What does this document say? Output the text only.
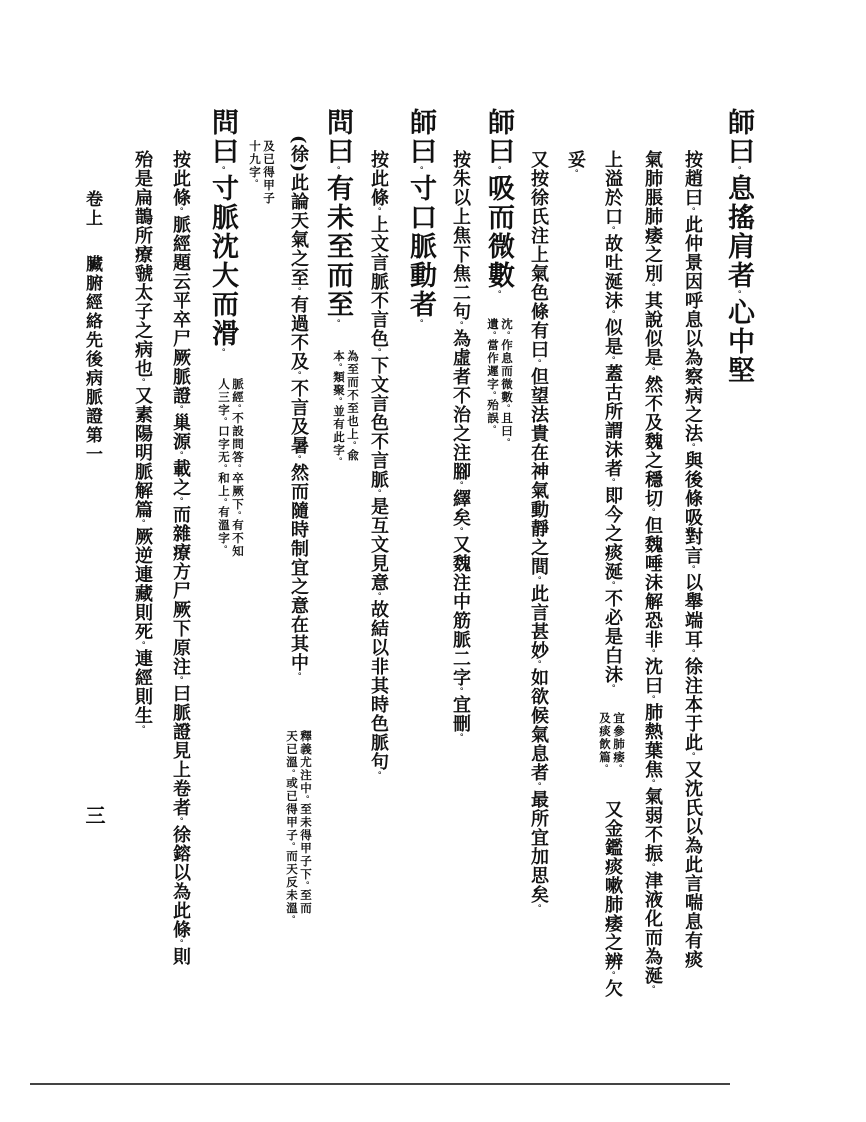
師曰。息搖肩者。心中堅
按趙曰。此仲景因呼息以為察病之法。與後條吸對言。以舉端耳。徐注本于此。又沈氏以為此言喘息有痰
氣肺脹肺痿之別。其說似是。然不及魏之穩切。但魏唾沫解恐非。沈曰。肺熱葉焦。氣弱不振。津液化而為涎。
上溢於口。故吐涎沫。似是。蓋古所謂沫者。即今之痰涎。不必是白沫。
宜參肺痿。
及痰飲篇。
又金鑑痰嗽肺痿之辨。欠
妥。
又按徐氏注上氣色條有曰。但望法貴在神氣動靜之間。此言甚妙。如欲候氣息者。最所宜加思矣。
師曰。吸而微數。
沈。作息而微數。且曰。
遺。當作遲字。殆誤。
按朱以上焦下焦二句。為虛者不治之注腳。繹矣。又魏注中筋脈二字。宜刪。
師曰。寸口脈動者。
按此條。上文言脈不言色。下文言色不言脈。是互文見意。故結以非其時色脈句。
問曰。有未至而至。
為至而不至也上。兪
本。類聚。並有此字。
(徐)此論天氣之至。有過不及。不言及暑。然而隨時制宜之意在其中。
釋義尤注中。至未得甲子下。至而
天已溫。或已得甲子。而天反未溫。
及已得甲子
十九字。
問曰。寸脈沈大而滑。
脈經。不設問答。卒厥下。有不知
人三字。口字无。和上。有溫字。
按此條。脈經題云平卒尸厥脈證。巢源。載之。而雜療方尸厥下原注。曰脈證見上卷者。徐鎔以為此條。則
殆是扁鵲所療虢太子之病也。又素陽明脈解篇。厥逆連藏則死。連經則生。
卷上
臟腑經絡先後病脈證第一
三
